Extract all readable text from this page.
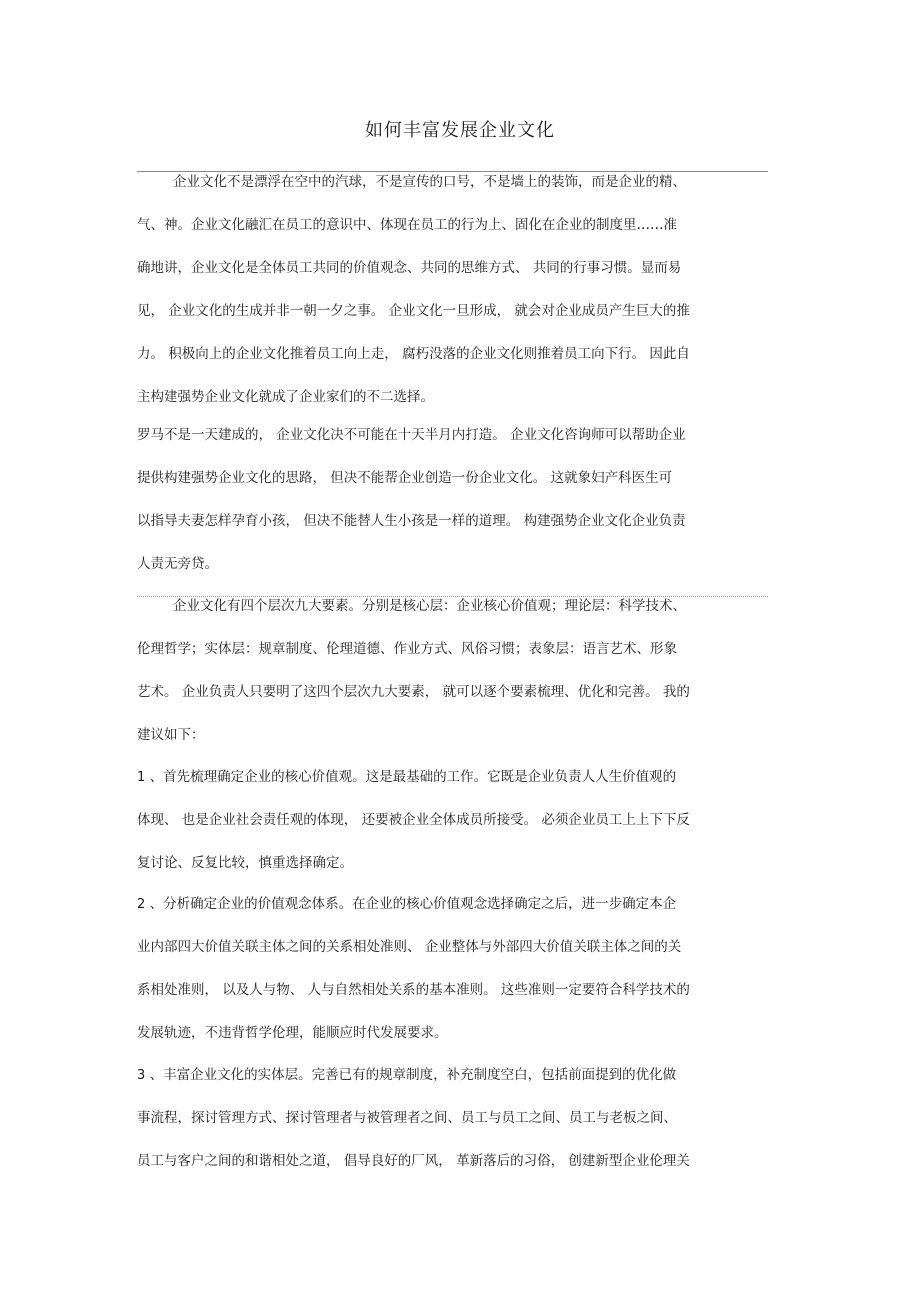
如何丰富发展企业文化
企业文化不是漂浮在空中的汽球，不是宣传的口号，不是墙上的装饰，而是企业的精、
气、神。企业文化融汇在员工的意识中、体现在员工的行为上、固化在企业的制度里……准
确地讲，企业文化是全体员工共同的价值观念、共同的思维方式、 共同的行事习惯。显而易
见， 企业文化的生成并非一朝一夕之事。 企业文化一旦形成， 就会对企业成员产生巨大的推
力。 积极向上的企业文化推着员工向上走， 腐朽没落的企业文化则推着员工向下行。 因此自
主构建强势企业文化就成了企业家们的不二选择。
罗马不是一天建成的， 企业文化决不可能在十天半月内打造。 企业文化咨询师可以帮助企业
提供构建强势企业文化的思路， 但决不能帮企业创造一份企业文化。 这就象妇产科医生可
以指导夫妻怎样孕育小孩， 但决不能替人生小孩是一样的道理。 构建强势企业文化企业负责
人责无旁贷。
企业文化有四个层次九大要素。分别是核心层：企业核心价值观；理论层：科学技术、
伦理哲学；实体层：规章制度、伦理道德、作业方式、风俗习惯；表象层：语言艺术、形象
艺术。 企业负责人只要明了这四个层次九大要素， 就可以逐个要素梳理、优化和完善。 我的
建议如下：
1 、首先梳理确定企业的核心价值观。这是最基础的工作。它既是企业负责人人生价值观的
体现、 也是企业社会责任观的体现， 还要被企业全体成员所接受。 必须企业员工上上下下反
复讨论、反复比较，慎重选择确定。
2 、分析确定企业的价值观念体系。在企业的核心价值观念选择确定之后，进一步确定本企
业内部四大价值关联主体之间的关系相处准则、 企业整体与外部四大价值关联主体之间的关
系相处准则， 以及人与物、 人与自然相处关系的基本准则。 这些准则一定要符合科学技术的
发展轨迹，不违背哲学伦理，能顺应时代发展要求。
3 、丰富企业文化的实体层。完善已有的规章制度，补充制度空白，包括前面提到的优化做
事流程，探讨管理方式、探讨管理者与被管理者之间、员工与员工之间、员工与老板之间、
员工与客户之间的和谐相处之道， 倡导良好的厂风， 革新落后的习俗， 创建新型企业伦理关
